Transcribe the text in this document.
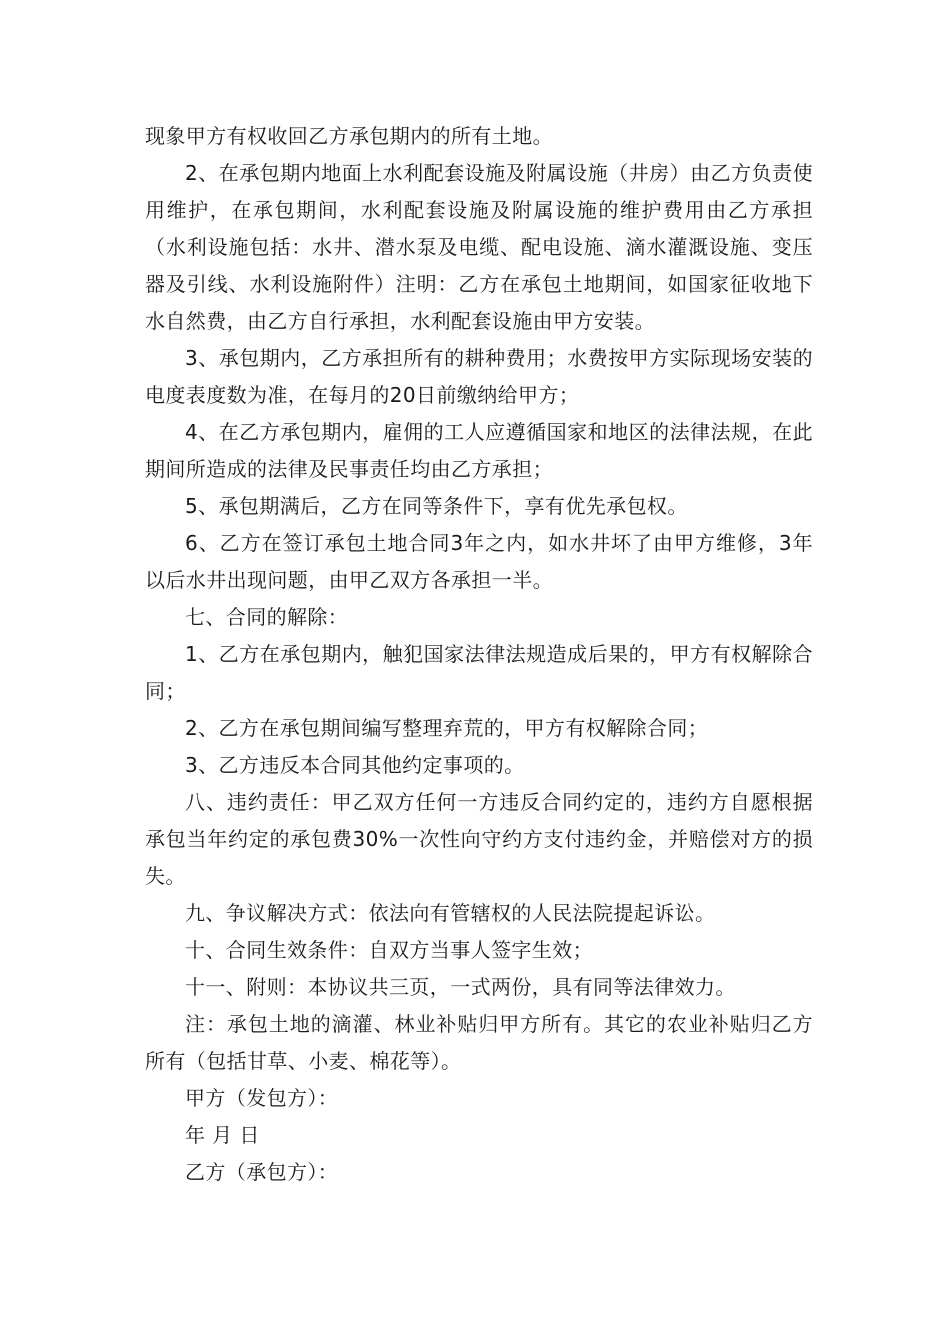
现象甲方有权收回乙方承包期内的所有土地。

2、在承包期内地面上水利配套设施及附属设施（井房）由乙方负责使用维护，在承包期间，水利配套设施及附属设施的维护费用由乙方承担（水利设施包括：水井、潜水泵及电缆、配电设施、滴水灌溉设施、变压器及引线、水利设施附件）注明：乙方在承包土地期间，如国家征收地下水自然费，由乙方自行承担，水利配套设施由甲方安装。

3、承包期内，乙方承担所有的耕种费用；水费按甲方实际现场安装的电度表度数为准，在每月的20日前缴纳给甲方；

4、在乙方承包期内，雇佣的工人应遵循国家和地区的法律法规，在此期间所造成的法律及民事责任均由乙方承担；

5、承包期满后，乙方在同等条件下，享有优先承包权。

6、乙方在签订承包土地合同3年之内，如水井坏了由甲方维修，3年以后水井出现问题，由甲乙双方各承担一半。

七、合同的解除：

1、乙方在承包期内，触犯国家法律法规造成后果的，甲方有权解除合同；

2、乙方在承包期间编写整理弃荒的，甲方有权解除合同；

3、乙方违反本合同其他约定事项的。

八、违约责任：甲乙双方任何一方违反合同约定的，违约方自愿根据承包当年约定的承包费30%一次性向守约方支付违约金，并赔偿对方的损失。

九、争议解决方式：依法向有管辖权的人民法院提起诉讼。

十、合同生效条件：自双方当事人签字生效；

十一、附则：本协议共三页，一式两份，具有同等法律效力。

注：承包土地的滴灌、林业补贴归甲方所有。其它的农业补贴归乙方所有（包括甘草、小麦、棉花等）。

甲方（发包方）：

年 月 日

乙方（承包方）：
